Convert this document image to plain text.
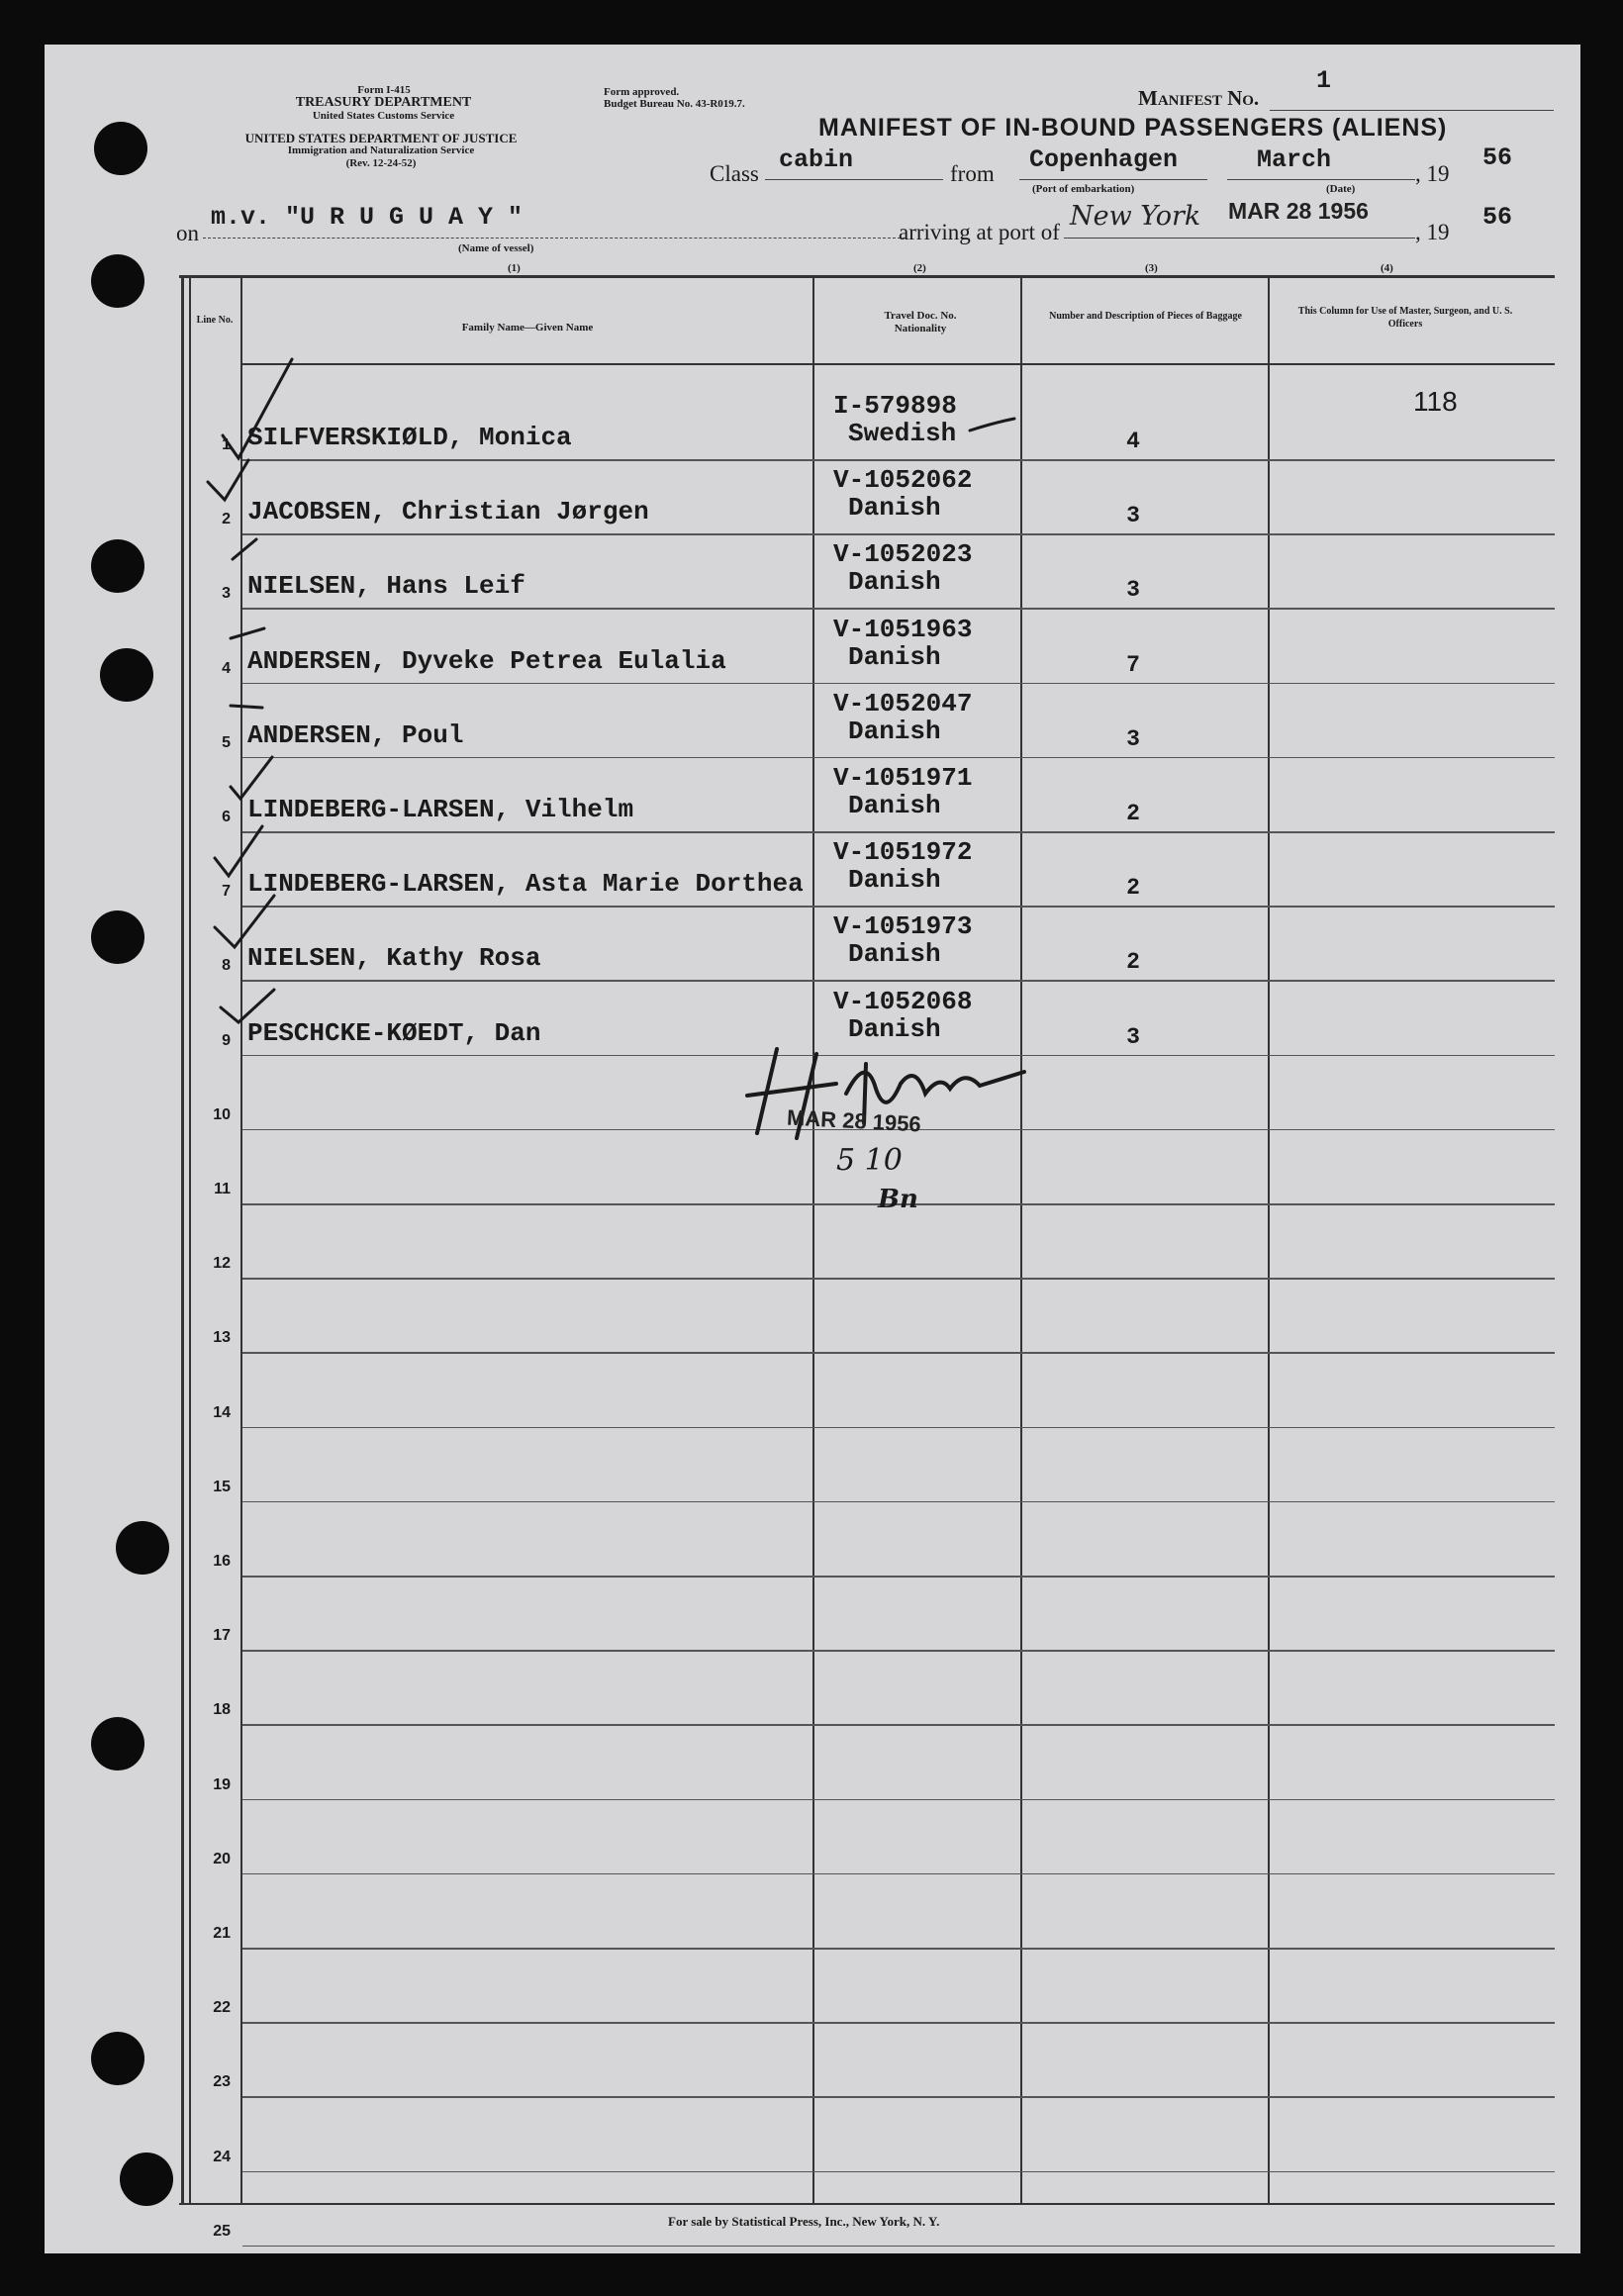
Form I-415
TREASURY DEPARTMENT
United States Customs Service
UNITED STATES DEPARTMENT OF JUSTICE
Immigration and Naturalization Service
(Rev. 12-24-52)
Form approved.
Budget Bureau No. 43-R019.7.	Manifest No.
1
MANIFEST OF IN-BOUND PASSENGERS (ALIENS)
Class cabin	from Copenhagen
(Port of embarkation)
March
(Date)
, 19
56
on
m.v. "U R U G U A Y "
(Name of vessel)
arriving at port of
New York MAR 28 1956
, 19
56
(1)	(2)	(3)	(4)
Line No.
Family Name—Given Name
Travel Doc. No. Nationality
Number and Description of Pieces of Baggage	This Column for Use of Master, Surgeon, and U. S. Officers
118
1 SILFVERSKIØLD, Monica
I-579898
Swedish	4
2 JACOBSEN, Christian Jørgen
V-1052062
Danish	3
3 NIELSEN, Hans Leif
V-1052023
Danish	3
4 ANDERSEN, Dyveke Petrea Eulalia
V-1051963
Danish	7
5 ANDERSEN, Poul
V-1052047
Danish	3
6 LINDEBERG-LARSEN, Vilhelm
V-1051971
Danish	2
7 LINDEBERG-LARSEN, Asta Marie Dorthea
V-1051972
Danish	2
8 NIELSEN, Kathy Rosa
V-1051973
Danish	2
9 PESCHCKE-KØEDT, Dan
V-1052068
Danish	3
10
11
12
13
14
15
16
17
18
19
20
21
22
23
24
25
MAR 28 1956
5 10
Bn
For sale by Statistical Press, Inc., New York, N. Y.
